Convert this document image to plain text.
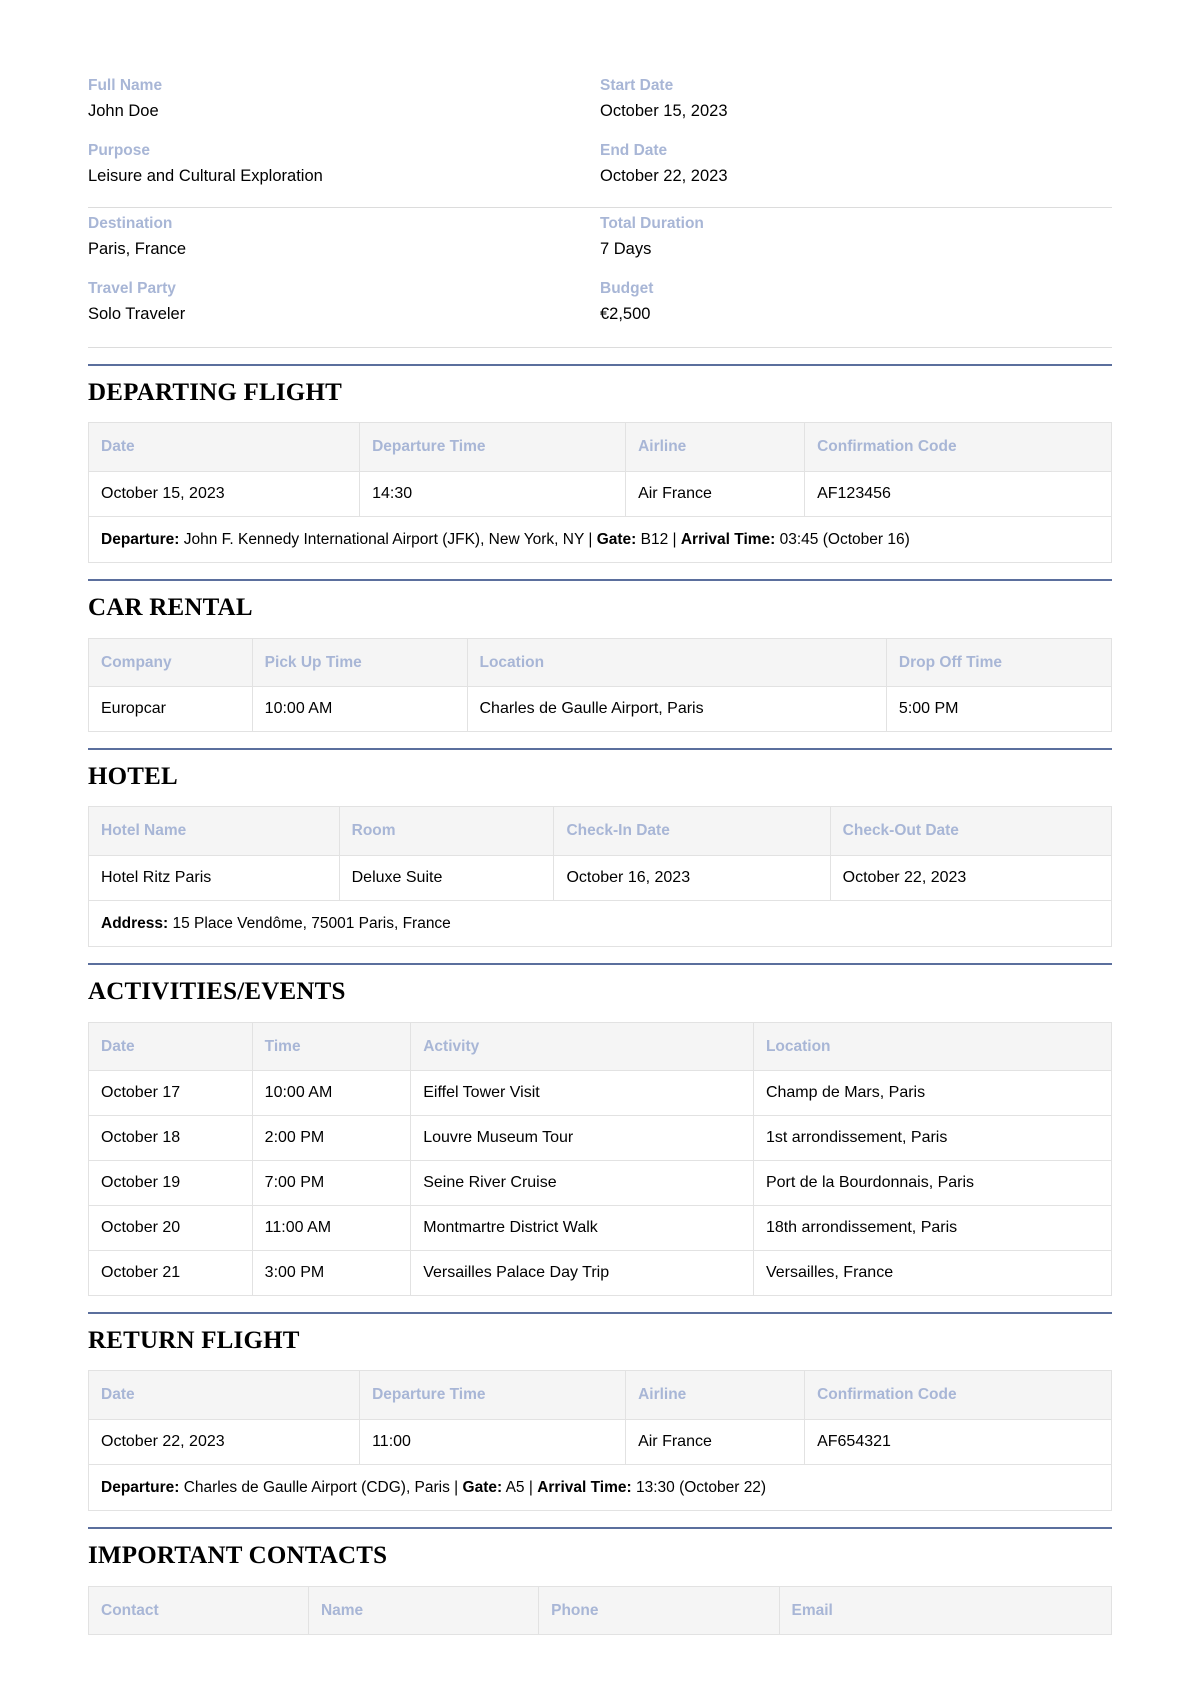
Full Name
John Doe
Purpose
Leisure and Cultural Exploration
Start Date
October 15, 2023
End Date
October 22, 2023
Destination
Paris, France
Travel Party
Solo Traveler
Total Duration
7 Days
Budget
€2,500
DEPARTING FLIGHT
Date	Departure Time	Airline	Confirmation Code
October 15, 2023	14:30	Air France	AF123456
Departure: John F. Kennedy International Airport (JFK), New York, NY | Gate: B12 | Arrival Time: 03:45 (October 16)			
CAR RENTAL
Company	Pick Up Time	Location	Drop Off Time
Europcar	10:00 AM	Charles de Gaulle Airport, Paris	5:00 PM
HOTEL
Hotel Name	Room	Check-In Date	Check-Out Date
Hotel Ritz Paris	Deluxe Suite	October 16, 2023	October 22, 2023
Address: 15 Place Vendôme, 75001 Paris, France			
ACTIVITIES/EVENTS
Date	Time	Activity	Location
October 17	10:00 AM	Eiffel Tower Visit	Champ de Mars, Paris
October 18	2:00 PM	Louvre Museum Tour	1st arrondissement, Paris
October 19	7:00 PM	Seine River Cruise	Port de la Bourdonnais, Paris
October 20	11:00 AM	Montmartre District Walk	18th arrondissement, Paris
October 21	3:00 PM	Versailles Palace Day Trip	Versailles, France
RETURN FLIGHT
Date	Departure Time	Airline	Confirmation Code
October 22, 2023	11:00	Air France	AF654321
Departure: Charles de Gaulle Airport (CDG), Paris | Gate: A5 | Arrival Time: 13:30 (October 22)			
IMPORTANT CONTACTS
Contact	Name	Phone	Email
